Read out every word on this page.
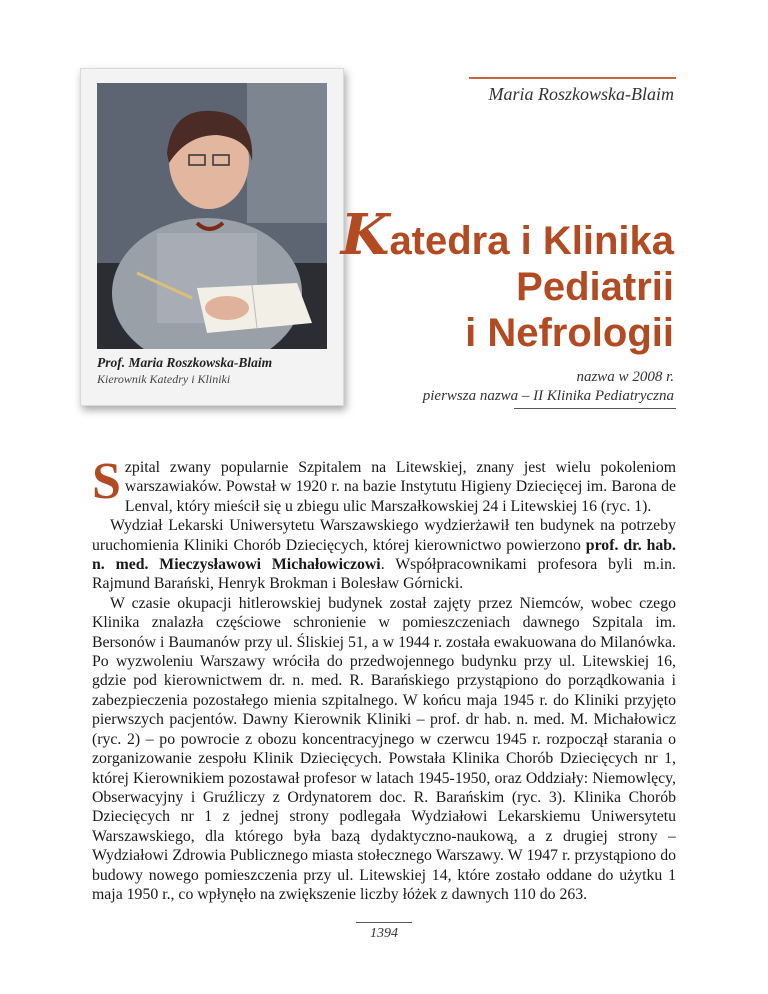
Maria Roszkowska-Blaim
Prof. Maria Roszkowska-Blaim
Kierownik Katedry i Kliniki
Katedra i Klinika
Pediatrii
i Nefrologii
nazwa w 2008 r.
pierwsza nazwa – II Klinika Pediatryczna

Szpital zwany popularnie Szpitalem na Litewskiej, znany jest wielu pokoleniom warszawiaków. Powstał w 1920 r. na bazie Instytutu Higieny Dziecięcej im. Barona de Lenval, który mieścił się u zbiegu ulic Marszałkowskiej 24 i Litewskiej 16 (ryc. 1).

Wydział Lekarski Uniwersytetu Warszawskiego wydzierżawił ten budynek na potrzeby uruchomienia Kliniki Chorób Dziecięcych, której kierownictwo powierzono prof. dr. hab. n. med. Mieczysławowi Michałowiczowi. Współpracownikami profesora byli m.in. Rajmund Barański, Henryk Brokman i Bolesław Górnicki.

W czasie okupacji hitlerowskiej budynek został zajęty przez Niemców, wobec czego Klinika znalazła częściowe schronienie w pomieszczeniach dawnego Szpitala im. Bersonów i Baumanów przy ul. Śliskiej 51, a w 1944 r. została ewakuowana do Milanówka. Po wyzwoleniu Warszawy wróciła do przedwojennego budynku przy ul. Litewskiej 16, gdzie pod kierownictwem dr. n. med. R. Barańskiego przystąpiono do porządkowania i zabezpieczenia pozostałego mienia szpitalnego. W końcu maja 1945 r. do Kliniki przyjęto pierwszych pacjentów. Dawny Kierownik Kliniki – prof. dr hab. n. med. M. Michałowicz (ryc. 2) – po powrocie z obozu koncentracyjnego w czerwcu 1945 r. rozpoczął starania o zorganizowanie zespołu Klinik Dziecięcych. Powstała Klinika Chorób Dziecięcych nr 1, której Kierownikiem pozostawał profesor w latach 1945-1950, oraz Oddziały: Niemowlęcy, Obserwacyjny i Gruźliczy z Ordynatorem doc. R. Barańskim (ryc. 3). Klinika Chorób Dziecięcych nr 1 z jednej strony podlegała Wydziałowi Lekarskiemu Uniwersytetu Warszawskiego, dla którego była bazą dydaktyczno-naukową, a z drugiej strony – Wydziałowi Zdrowia Publicznego miasta stołecznego Warszawy. W 1947 r. przystąpiono do budowy nowego pomieszczenia przy ul. Litewskiej 14, które zostało oddane do użytku 1 maja 1950 r., co wpłynęło na zwiększenie liczby łóżek z dawnych 110 do 263.

1394
